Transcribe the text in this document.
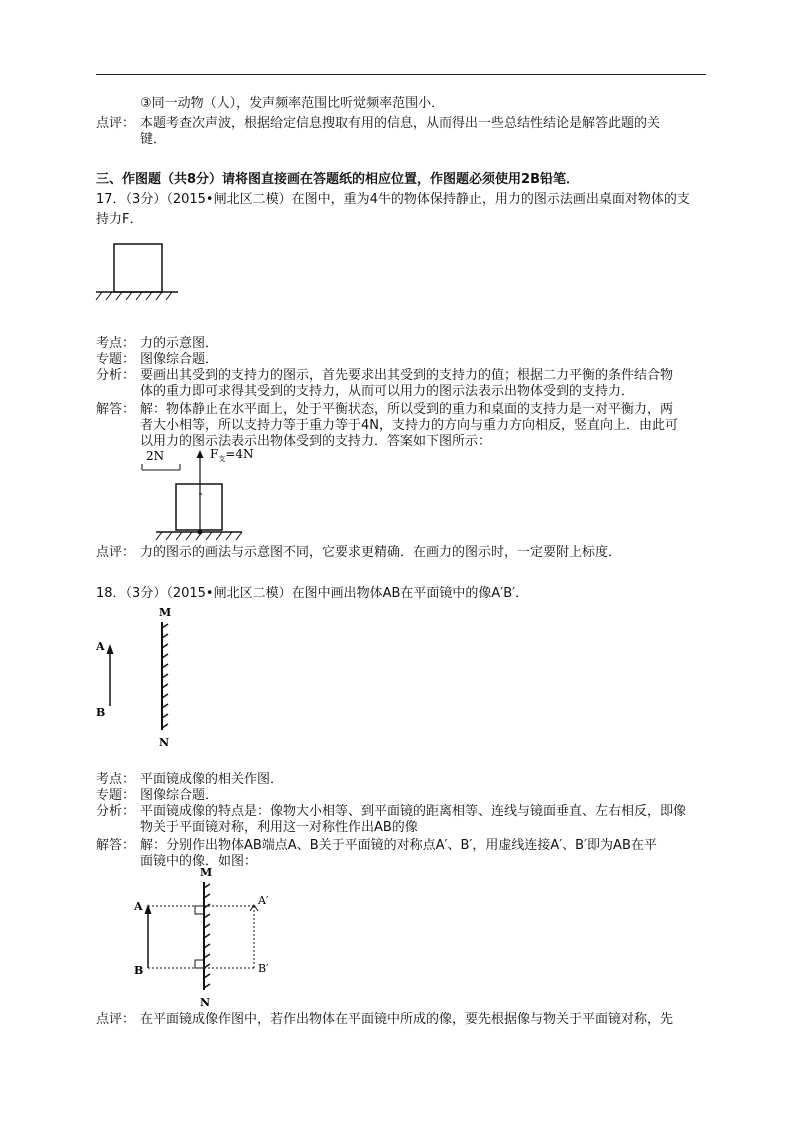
③同一动物（人），发声频率范围比听觉频率范围小．
点评： 本题考查次声波，根据给定信息搜取有用的信息，从而得出一些总结性结论是解答此题的关
键．
三、作图题（共8分）请将图直接画在答题纸的相应位置，作图题必须使用2B铅笔．
17．（3分）（2015•闸北区二模）在图中，重为4牛的物体保持静止，用力的图示法画出桌面对物体的支
持力F．
考点： 力的示意图．
专题： 图像综合题．
分析： 要画出其受到的支持力的图示，首先要求出其受到的支持力的值；根据二力平衡的条件结合物
体的重力即可求得其受到的支持力，从而可以用力的图示法表示出物体受到的支持力．
解答： 解：物体静止在水平面上，处于平衡状态，所以受到的重力和桌面的支持力是一对平衡力，两
者大小相等，所以支持力等于重力等于4N，支持力的方向与重力方向相反，竖直向上．由此可
以用力的图示法表示出物体受到的支持力．答案如下图所示：
2N	$F_支=4N$
点评： 力的图示的画法与示意图不同，它要求更精确．在画力的图示时，一定要附上标度．
18．（3分）（2015•闸北区二模）在图中画出物体AB在平面镜中的像A′B′．
M
N
A
B
考点： 平面镜成像的相关作图．
专题： 图像综合题．
分析： 平面镜成像的特点是：像物大小相等、到平面镜的距离相等、连线与镜面垂直、左右相反，即像
物关于平面镜对称，利用这一对称性作出AB的像
解答： 解：分别作出物体AB端点A、B关于平面镜的对称点A′、B′，用虚线连接A′、B′即为AB在平
面镜中的像．如图：
M
N
A
B
A′
B′
点评： 在平面镜成像作图中，若作出物体在平面镜中所成的像，要先根据像与物关于平面镜对称，先
